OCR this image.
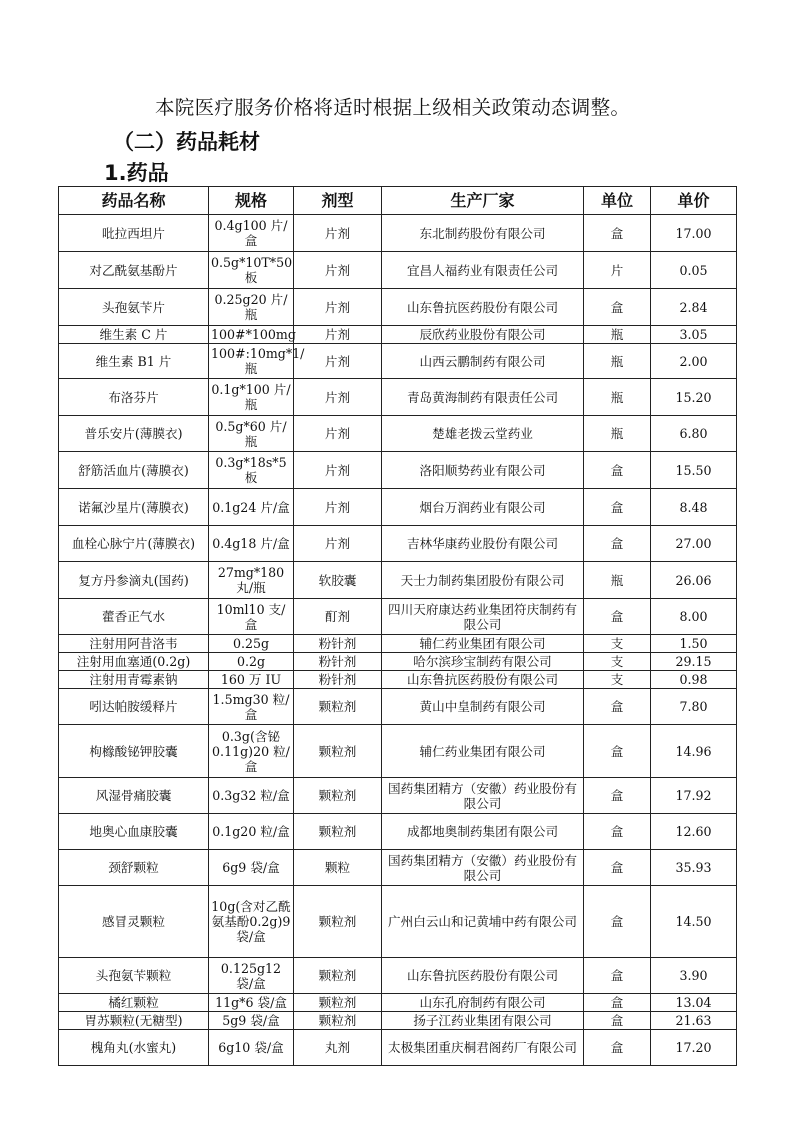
本院医疗服务价格将适时根据上级相关政策动态调整。
（二）药品耗材
1.药品
药品名称	规格	剂型	生产厂家	单位	单价
吡拉西坦片	0.4g100 片/盒	片剂	东北制药股份有限公司	盒	17.00
对乙酰氨基酚片	0.5g*10T*50 板	片剂	宜昌人福药业有限责任公司	片	0.05
头孢氨苄片	0.25g20 片/瓶	片剂	山东鲁抗医药股份有限公司	盒	2.84
维生素 C 片	100#*100mg	片剂	辰欣药业股份有限公司	瓶	3.05
维生素 B1 片	100#:10mg*1/瓶	片剂	山西云鹏制药有限公司	瓶	2.00
布洛芬片	0.1g*100 片/瓶	片剂	青岛黄海制药有限责任公司	瓶	15.20
普乐安片(薄膜衣)	0.5g*60 片/瓶	片剂	楚雄老拨云堂药业	瓶	6.80
舒筋活血片(薄膜衣)	0.3g*18s*5板	片剂	洛阳顺势药业有限公司	盒	15.50
诺氟沙星片(薄膜衣)	0.1g24 片/盒	片剂	烟台万润药业有限公司	盒	8.48
血栓心脉宁片(薄膜衣)	0.4g18 片/盒	片剂	吉林华康药业股份有限公司	盒	27.00
复方丹参滴丸(国药)	27mg*180 丸/瓶	软胶囊	天士力制药集团股份有限公司	瓶	26.06
藿香正气水	10ml10 支/盒	酊剂	四川天府康达药业集团符庆制药有限公司	盒	8.00
注射用阿昔洛韦	0.25g	粉针剂	辅仁药业集团有限公司	支	1.50
注射用血塞通(0.2g)	0.2g	粉针剂	哈尔滨珍宝制药有限公司	支	29.15
注射用青霉素钠	160 万 IU	粉针剂	山东鲁抗医药股份有限公司	支	0.98
吲达帕胺缓释片	1.5mg30 粒/盒	颗粒剂	黄山中皇制药有限公司	盒	7.80
枸橼酸铋钾胶囊	0.3g(含铋0.11g)20 粒/盒	颗粒剂	辅仁药业集团有限公司	盒	14.96
风湿骨痛胶囊	0.3g32 粒/盒	颗粒剂	国药集团精方（安徽）药业股份有限公司	盒	17.92
地奥心血康胶囊	0.1g20 粒/盒	颗粒剂	成都地奥制药集团有限公司	盒	12.60
颈舒颗粒	6g9 袋/盒	颗粒	国药集团精方（安徽）药业股份有限公司	盒	35.93
感冒灵颗粒	10g(含对乙酰氨基酚0.2g)9 袋/盒	颗粒剂	广州白云山和记黄埔中药有限公司	盒	14.50
头孢氨苄颗粒	0.125g12 袋/盒	颗粒剂	山东鲁抗医药股份有限公司	盒	3.90
橘红颗粒	11g*6 袋/盒	颗粒剂	山东孔府制药有限公司	盒	13.04
胃苏颗粒(无糖型)	5g9 袋/盒	颗粒剂	扬子江药业集团有限公司	盒	21.63
槐角丸(水蜜丸)	6g10 袋/盒	丸剂	太极集团重庆桐君阁药厂有限公司	盒	17.20
